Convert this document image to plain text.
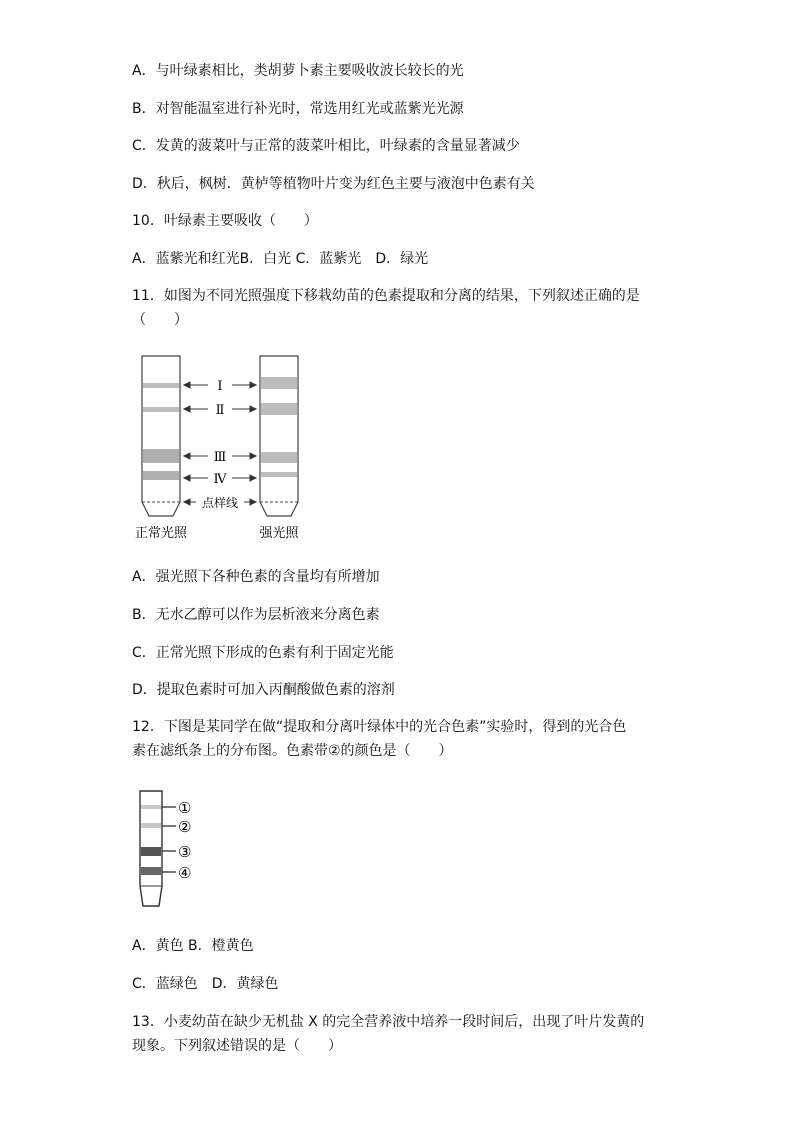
A．与叶绿素相比，类胡萝卜素主要吸收波长较长的光
B．对智能温室进行补光时，常选用红光或蓝紫光光源
C．发黄的菠菜叶与正常的菠菜叶相比，叶绿素的含量显著减少
D．秋后，枫树．黄栌等植物叶片变为红色主要与液泡中色素有关
10．叶绿素主要吸收（　　）
A．蓝紫光和红光B．白光 C．蓝紫光　D．绿光
11．如图为不同光照强度下移栽幼苗的色素提取和分离的结果，下列叙述正确的是
（　　）
Ⅰ
Ⅱ
Ⅲ
Ⅳ
点样线
正常光照	强光照
A．强光照下各种色素的含量均有所增加
B．无水乙醇可以作为层析液来分离色素
C．正常光照下形成的色素有利于固定光能
D．提取色素时可加入丙酮酸做色素的溶剂
12．下图是某同学在做“提取和分离叶绿体中的光合色素”实验时，得到的光合色
素在滤纸条上的分布图。色素带②的颜色是（　　）
①
②
③
④
A．黄色 B．橙黄色
C．蓝绿色　D．黄绿色
13．小麦幼苗在缺少无机盐 X 的完全营养液中培养一段时间后，出现了叶片发黄的
现象。下列叙述错误的是（　　）
